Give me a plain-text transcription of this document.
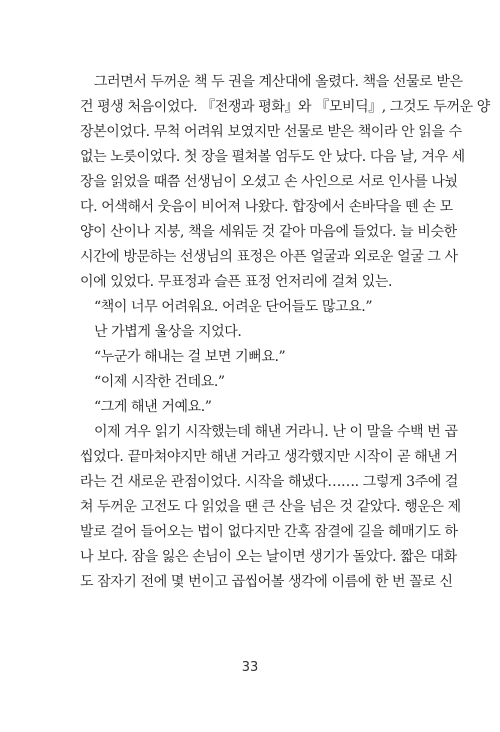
그러면서 두꺼운 책 두 권을 계산대에 올렸다. 책을 선물로 받은
건 평생 처음이었다. 『전쟁과 평화』와 『모비딕』, 그것도 두꺼운 양
장본이었다. 무척 어려워 보였지만 선물로 받은 책이라 안 읽을 수
없는 노릇이었다. 첫 장을 펼쳐볼 엄두도 안 났다. 다음 날, 겨우 세
장을 읽었을 때쯤 선생님이 오셨고 손 사인으로 서로 인사를 나눴
다. 어색해서 웃음이 비어져 나왔다. 합장에서 손바닥을 뗀 손 모
양이 산이나 지붕, 책을 세워둔 것 같아 마음에 들었다. 늘 비슷한
시간에 방문하는 선생님의 표정은 아픈 얼굴과 외로운 얼굴 그 사
이에 있었다. 무표정과 슬픈 표정 언저리에 걸쳐 있는.
“책이 너무 어려워요. 어려운 단어들도 많고요.”
난 가볍게 울상을 지었다.
“누군가 해내는 걸 보면 기뻐요.”
“이제 시작한 건데요.”
“그게 해낸 거예요.”
이제 겨우 읽기 시작했는데 해낸 거라니. 난 이 말을 수백 번 곱
씹었다. 끝마쳐야지만 해낸 거라고 생각했지만 시작이 곧 해낸 거
라는 건 새로운 관점이었다. 시작을 해냈다……. 그렇게 3주에 걸
쳐 두꺼운 고전도 다 읽었을 땐 큰 산을 넘은 것 같았다. 행운은 제
발로 걸어 들어오는 법이 없다지만 간혹 잠결에 길을 헤매기도 하
나 보다. 잠을 잃은 손님이 오는 날이면 생기가 돌았다. 짧은 대화
도 잠자기 전에 몇 번이고 곱씹어볼 생각에 이름에 한 번 꼴로 신
33
